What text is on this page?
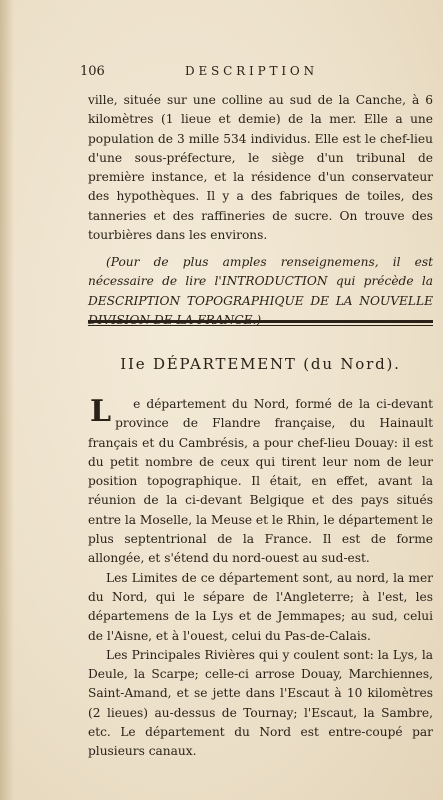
106	DESCRIPTION

ville, située sur une colline au sud de la Canche, à 6 kilomètres (1 lieue et demie) de la mer. Elle a une population de 3 mille 534 individus. Elle est le chef-lieu d'une sous-préfecture, le siège d'un tribunal de première instance, et la résidence d'un conservateur des hypothèques. Il y a des fabriques de toiles, des tanneries et des raffineries de sucre. On trouve des tourbières dans les environs.

(Pour de plus amples renseignemens, il est nécessaire de lire l'INTRODUCTION qui précède la DESCRIPTION TOPOGRAPHIQUE DE LA NOUVELLE

IIe DÉPARTEMENT (du Nord).

L e département du Nord, formé de la ci-devant province de Flandre française, du Hainault français et du Cambrésis, a pour chef-lieu Douay: il est du petit nombre de ceux qui tirent leur nom de leur position topographique. Il était, en effet, avant la réunion de la ci-devant Belgique et des pays situés entre la Moselle, la Meuse et le Rhin, le département le plus septentrional de la France. Il est de forme allongée, et s'étend du nord-ouest au sud-est.

Les Limites de ce département sont, au nord, la mer du Nord, qui le sépare de l'Angleterre; à l'est, les départemens de la Lys et de Jemmapes; au sud, celui de l'Aisne, et à l'ouest, celui du Pas-de-Calais.

Les Principales Rivières qui y coulent sont: la Lys, la Deule, la Scarpe; celle-ci arrose Douay, Marchiennes, Saint-Amand, et se jette dans l'Escaut à 10 kilomètres (2 lieues) au-dessus de Tournay; l'Escaut, la Sambre, etc. Le département du Nord est entre-coupé par plusieurs canaux.
